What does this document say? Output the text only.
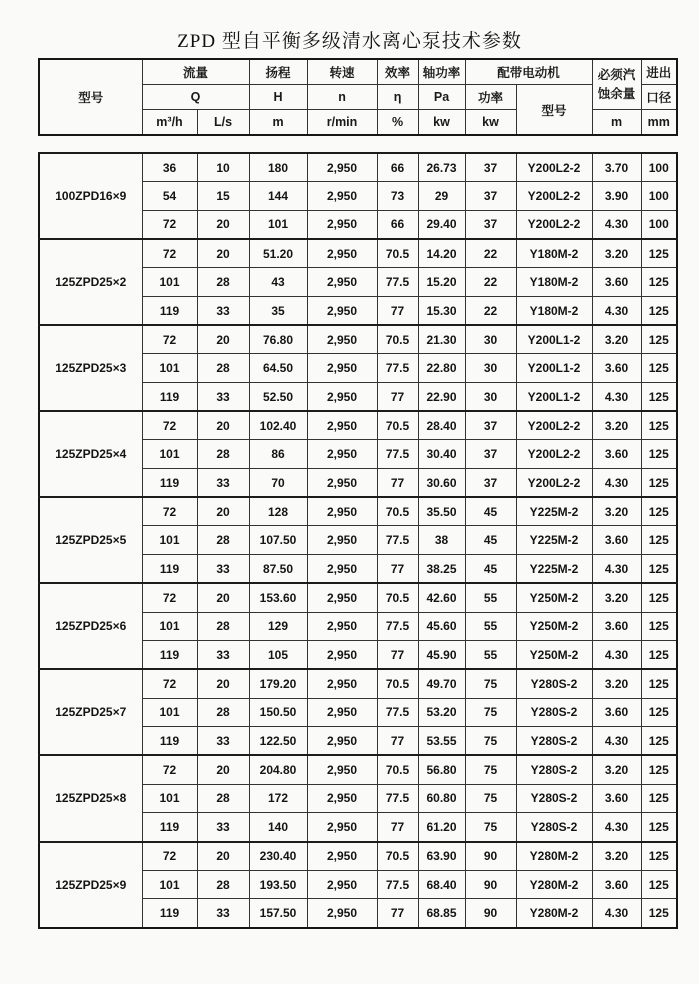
ZPD 型自平衡多级清水离心泵技术参数
型号	流量		扬程	转速	效率	轴功率	配带电动机		必须汽蚀余量	进出
	Q		H	n	η	Pa	功率	型号		口径
	m³/h	L/s	m	r/min	%	kw	kw		m	mm
100ZPD16×9	36	10	180	2,950	66	26.73	37	Y200L2-2	3.70	100
	54	15	144	2,950	73	29	37	Y200L2-2	3.90	100
	72	20	101	2,950	66	29.40	37	Y200L2-2	4.30	100
125ZPD25×2	72	20	51.20	2,950	70.5	14.20	22	Y180M-2	3.20	125
	101	28	43	2,950	77.5	15.20	22	Y180M-2	3.60	125
	119	33	35	2,950	77	15.30	22	Y180M-2	4.30	125
125ZPD25×3	72	20	76.80	2,950	70.5	21.30	30	Y200L1-2	3.20	125
	101	28	64.50	2,950	77.5	22.80	30	Y200L1-2	3.60	125
	119	33	52.50	2,950	77	22.90	30	Y200L1-2	4.30	125
125ZPD25×4	72	20	102.40	2,950	70.5	28.40	37	Y200L2-2	3.20	125
	101	28	86	2,950	77.5	30.40	37	Y200L2-2	3.60	125
	119	33	70	2,950	77	30.60	37	Y200L2-2	4.30	125
125ZPD25×5	72	20	128	2,950	70.5	35.50	45	Y225M-2	3.20	125
	101	28	107.50	2,950	77.5	38	45	Y225M-2	3.60	125
	119	33	87.50	2,950	77	38.25	45	Y225M-2	4.30	125
125ZPD25×6	72	20	153.60	2,950	70.5	42.60	55	Y250M-2	3.20	125
	101	28	129	2,950	77.5	45.60	55	Y250M-2	3.60	125
	119	33	105	2,950	77	45.90	55	Y250M-2	4.30	125
125ZPD25×7	72	20	179.20	2,950	70.5	49.70	75	Y280S-2	3.20	125
	101	28	150.50	2,950	77.5	53.20	75	Y280S-2	3.60	125
	119	33	122.50	2,950	77	53.55	75	Y280S-2	4.30	125
125ZPD25×8	72	20	204.80	2,950	70.5	56.80	75	Y280S-2	3.20	125
	101	28	172	2,950	77.5	60.80	75	Y280S-2	3.60	125
	119	33	140	2,950	77	61.20	75	Y280S-2	4.30	125
125ZPD25×9	72	20	230.40	2,950	70.5	63.90	90	Y280M-2	3.20	125
	101	28	193.50	2,950	77.5	68.40	90	Y280M-2	3.60	125
	119	33	157.50	2,950	77	68.85	90	Y280M-2	4.30	125
